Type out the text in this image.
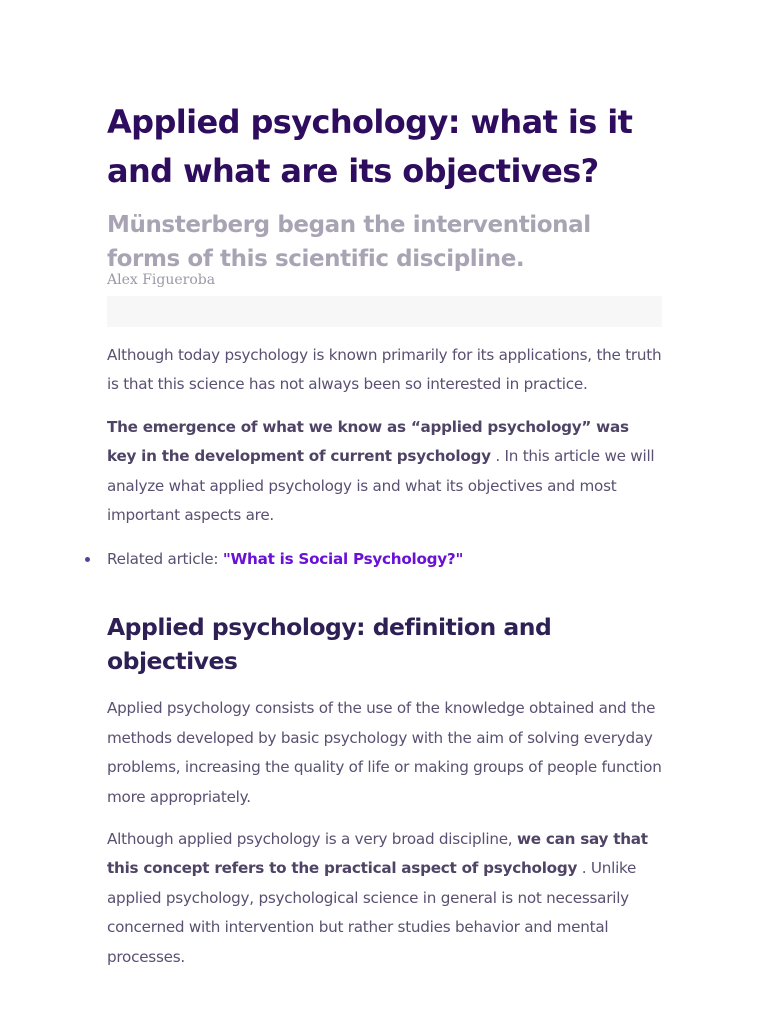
Applied psychology: what is it and what are its objectives?
Münsterberg began the interventional forms of this scientific discipline.
Alex Figueroba

Although today psychology is known primarily for its applications, the truth is that this science has not always been so interested in practice.

The emergence of what we know as “applied psychology” was key in the development of current psychology . In this article we will analyze what applied psychology is and what its objectives and most important aspects are.

Related article: "What is Social Psychology?"
Applied psychology: definition and objectives

Applied psychology consists of the use of the knowledge obtained and the methods developed by basic psychology with the aim of solving everyday problems, increasing the quality of life or making groups of people function more appropriately.

Although applied psychology is a very broad discipline, we can say that this concept refers to the practical aspect of psychology . Unlike applied psychology, psychological science in general is not necessarily concerned with intervention but rather studies behavior and mental processes.
